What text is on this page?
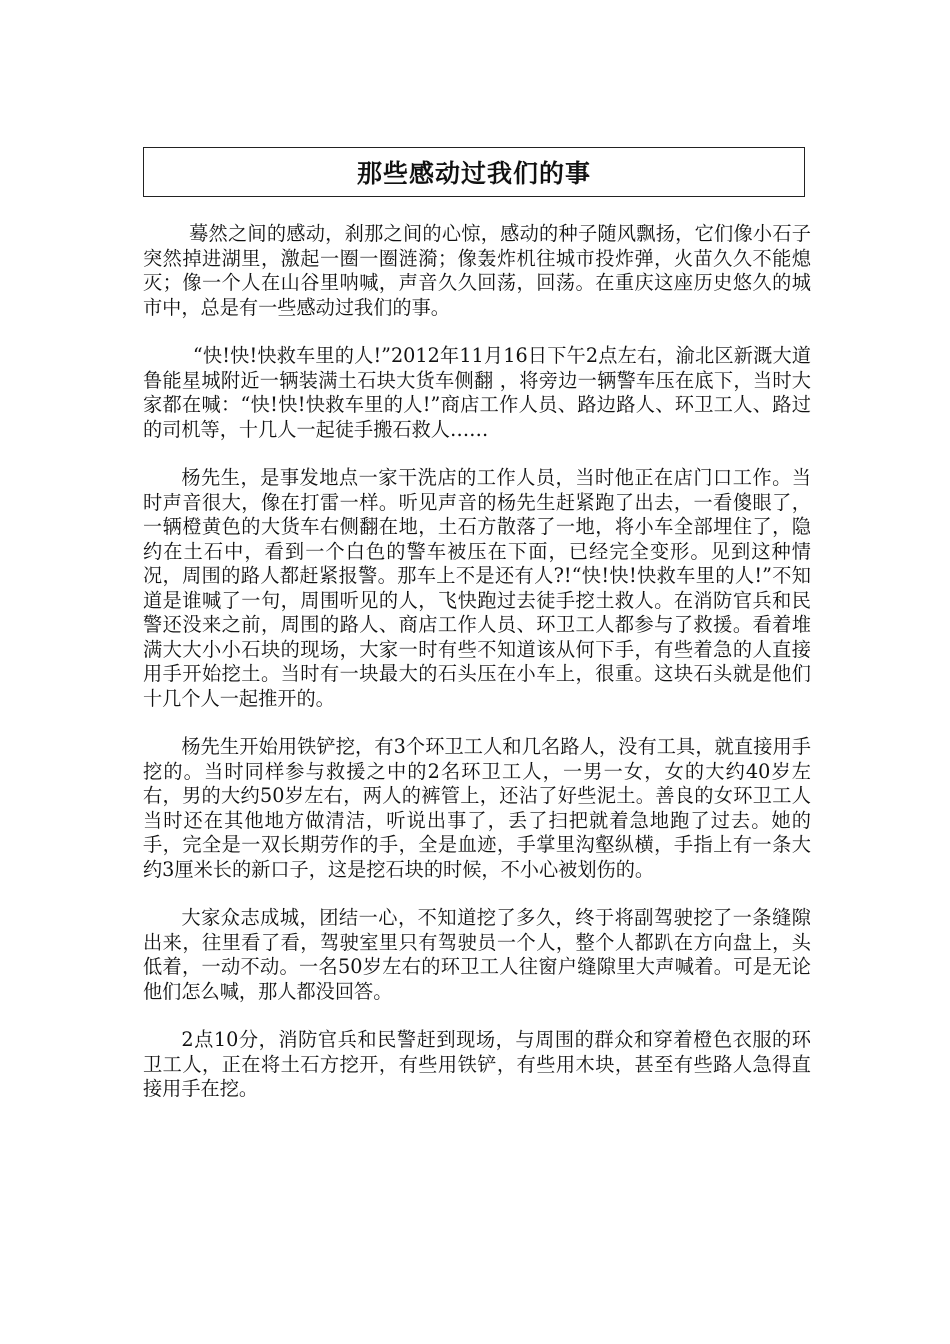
那些感动过我们的事

蓦然之间的感动，刹那之间的心惊，感动的种子随风飘扬，它们像小石子突然掉进湖里，激起一圈一圈涟漪；像轰炸机往城市投炸弹，火苗久久不能熄灭；像一个人在山谷里呐喊，声音久久回荡，回荡。在重庆这座历史悠久的城市中，总是有一些感动过我们的事。

“快!快!快救车里的人!”2012年11月16日下午2点左右，渝北区新溉大道鲁能星城附近一辆装满土石块大货车侧翻 ，将旁边一辆警车压在底下，当时大家都在喊：“快!快!快救车里的人!”商店工作人员、路边路人、环卫工人、路过的司机等，十几人一起徒手搬石救人……

杨先生，是事发地点一家干洗店的工作人员，当时他正在店门口工作。当时声音很大，像在打雷一样。听见声音的杨先生赶紧跑了出去，一看傻眼了， 一辆橙黄色的大货车右侧翻在地，土石方散落了一地，将小车全部埋住了，隐约在土石中，看到一个白色的警车被压在下面，已经完全变形。见到这种情况，周围的路人都赶紧报警。那车上不是还有人?!“快!快!快救车里的人!”不知道是谁喊了一句，周围听见的人，飞快跑过去徒手挖土救人。在消防官兵和民警还没来之前，周围的路人、商店工作人员、环卫工人都参与了救援。看着堆满大大小小石块的现场，大家一时有些不知道该从何下手，有些着急的人直接用手开始挖土。当时有一块最大的石头压在小车上，很重。这块石头就是他们十几个人一起推开的。

杨先生开始用铁铲挖，有3个环卫工人和几名路人，没有工具，就直接用手挖的。当时同样参与救援之中的2名环卫工人，一男一女，女的大约40岁左右，男的大约50岁左右，两人的裤管上，还沾了好些泥土。善良的女环卫工人当时还在其他地方做清洁，听说出事了，丢了扫把就着急地跑了过去。她的手，完全是一双长期劳作的手，全是血迹，手掌里沟壑纵横，手指上有一条大约3厘米长的新口子，这是挖石块的时候，不小心被划伤的。

大家众志成城，团结一心，不知道挖了多久，终于将副驾驶挖了一条缝隙出来，往里看了看，驾驶室里只有驾驶员一个人，整个人都趴在方向盘上，头低着，一动不动。一名50岁左右的环卫工人往窗户缝隙里大声喊着。可是无论他们怎么喊，那人都没回答。

2点10分，消防官兵和民警赶到现场，与周围的群众和穿着橙色衣服的环卫工人，正在将土石方挖开，有些用铁铲，有些用木块，甚至有些路人急得直接用手在挖。
